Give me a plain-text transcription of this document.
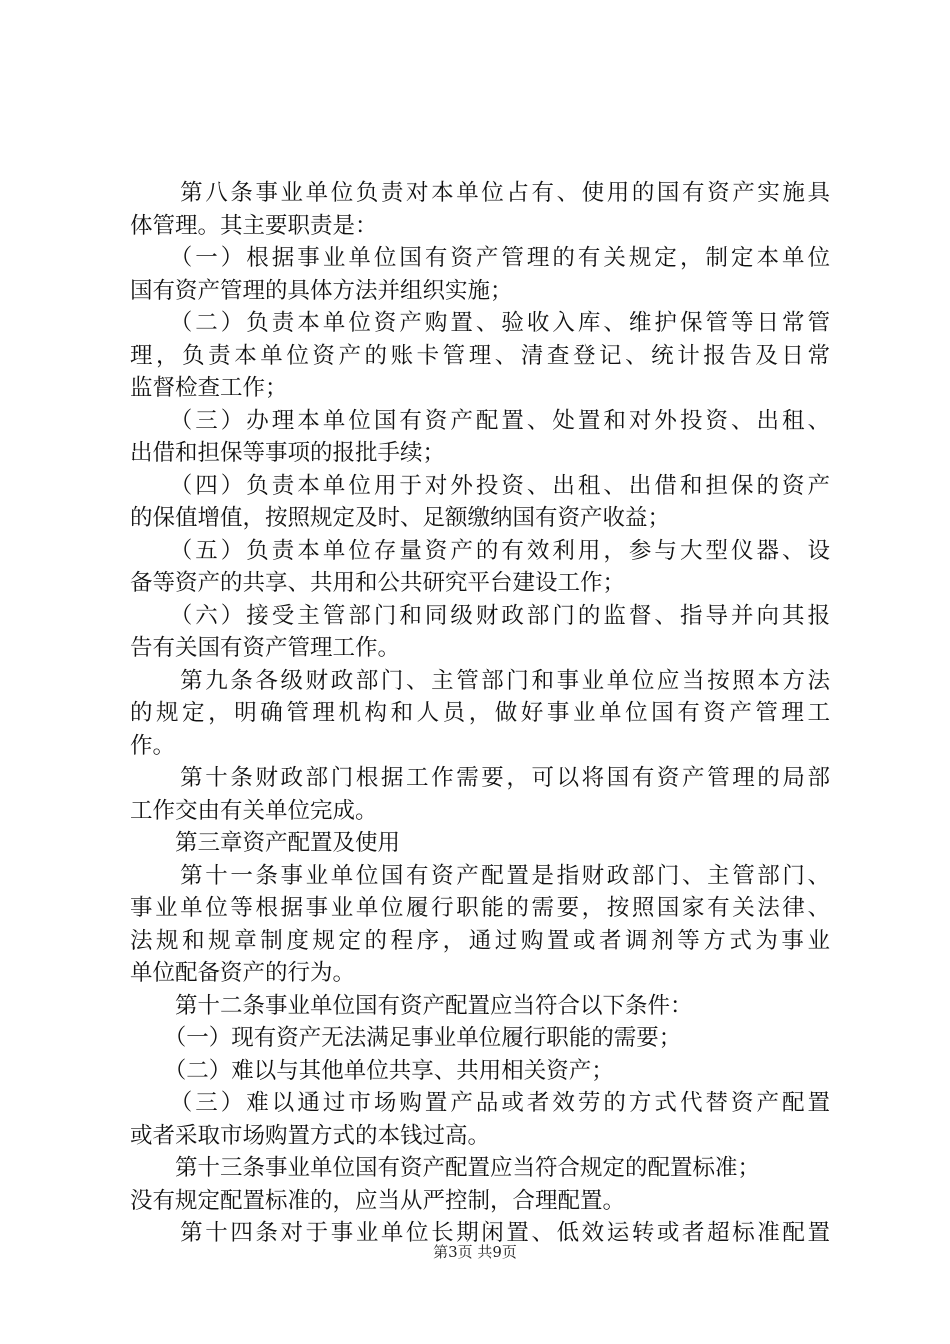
　　第八条事业单位负责对本单位占有、使用的国有资产实施具
体管理。其主要职责是：
　　（一）根据事业单位国有资产管理的有关规定，制定本单位
国有资产管理的具体方法并组织实施；
　　（二）负责本单位资产购置、验收入库、维护保管等日常管
理，负责本单位资产的账卡管理、清查登记、统计报告及日常
监督检查工作；
　　（三）办理本单位国有资产配置、处置和对外投资、出租、
出借和担保等事项的报批手续；
　　（四）负责本单位用于对外投资、出租、出借和担保的资产
的保值增值，按照规定及时、足额缴纳国有资产收益；
　　（五）负责本单位存量资产的有效利用，参与大型仪器、设
备等资产的共享、共用和公共研究平台建设工作；
　　（六）接受主管部门和同级财政部门的监督、指导并向其报
告有关国有资产管理工作。
　　第九条各级财政部门、主管部门和事业单位应当按照本方法
的规定，明确管理机构和人员，做好事业单位国有资产管理工
作。
　　第十条财政部门根据工作需要，可以将国有资产管理的局部
工作交由有关单位完成。
　　第三章资产配置及使用
　　第十一条事业单位国有资产配置是指财政部门、主管部门、
事业单位等根据事业单位履行职能的需要，按照国家有关法律、
法规和规章制度规定的程序，通过购置或者调剂等方式为事业
单位配备资产的行为。
　　第十二条事业单位国有资产配置应当符合以下条件：
　　（一）现有资产无法满足事业单位履行职能的需要；
　　（二）难以与其他单位共享、共用相关资产；
　　（三）难以通过市场购置产品或者效劳的方式代替资产配置
或者采取市场购置方式的本钱过高。
　　第十三条事业单位国有资产配置应当符合规定的配置标准；
没有规定配置标准的，应当从严控制，合理配置。
　　第十四条对于事业单位长期闲置、低效运转或者超标准配置
第3页 共9页
